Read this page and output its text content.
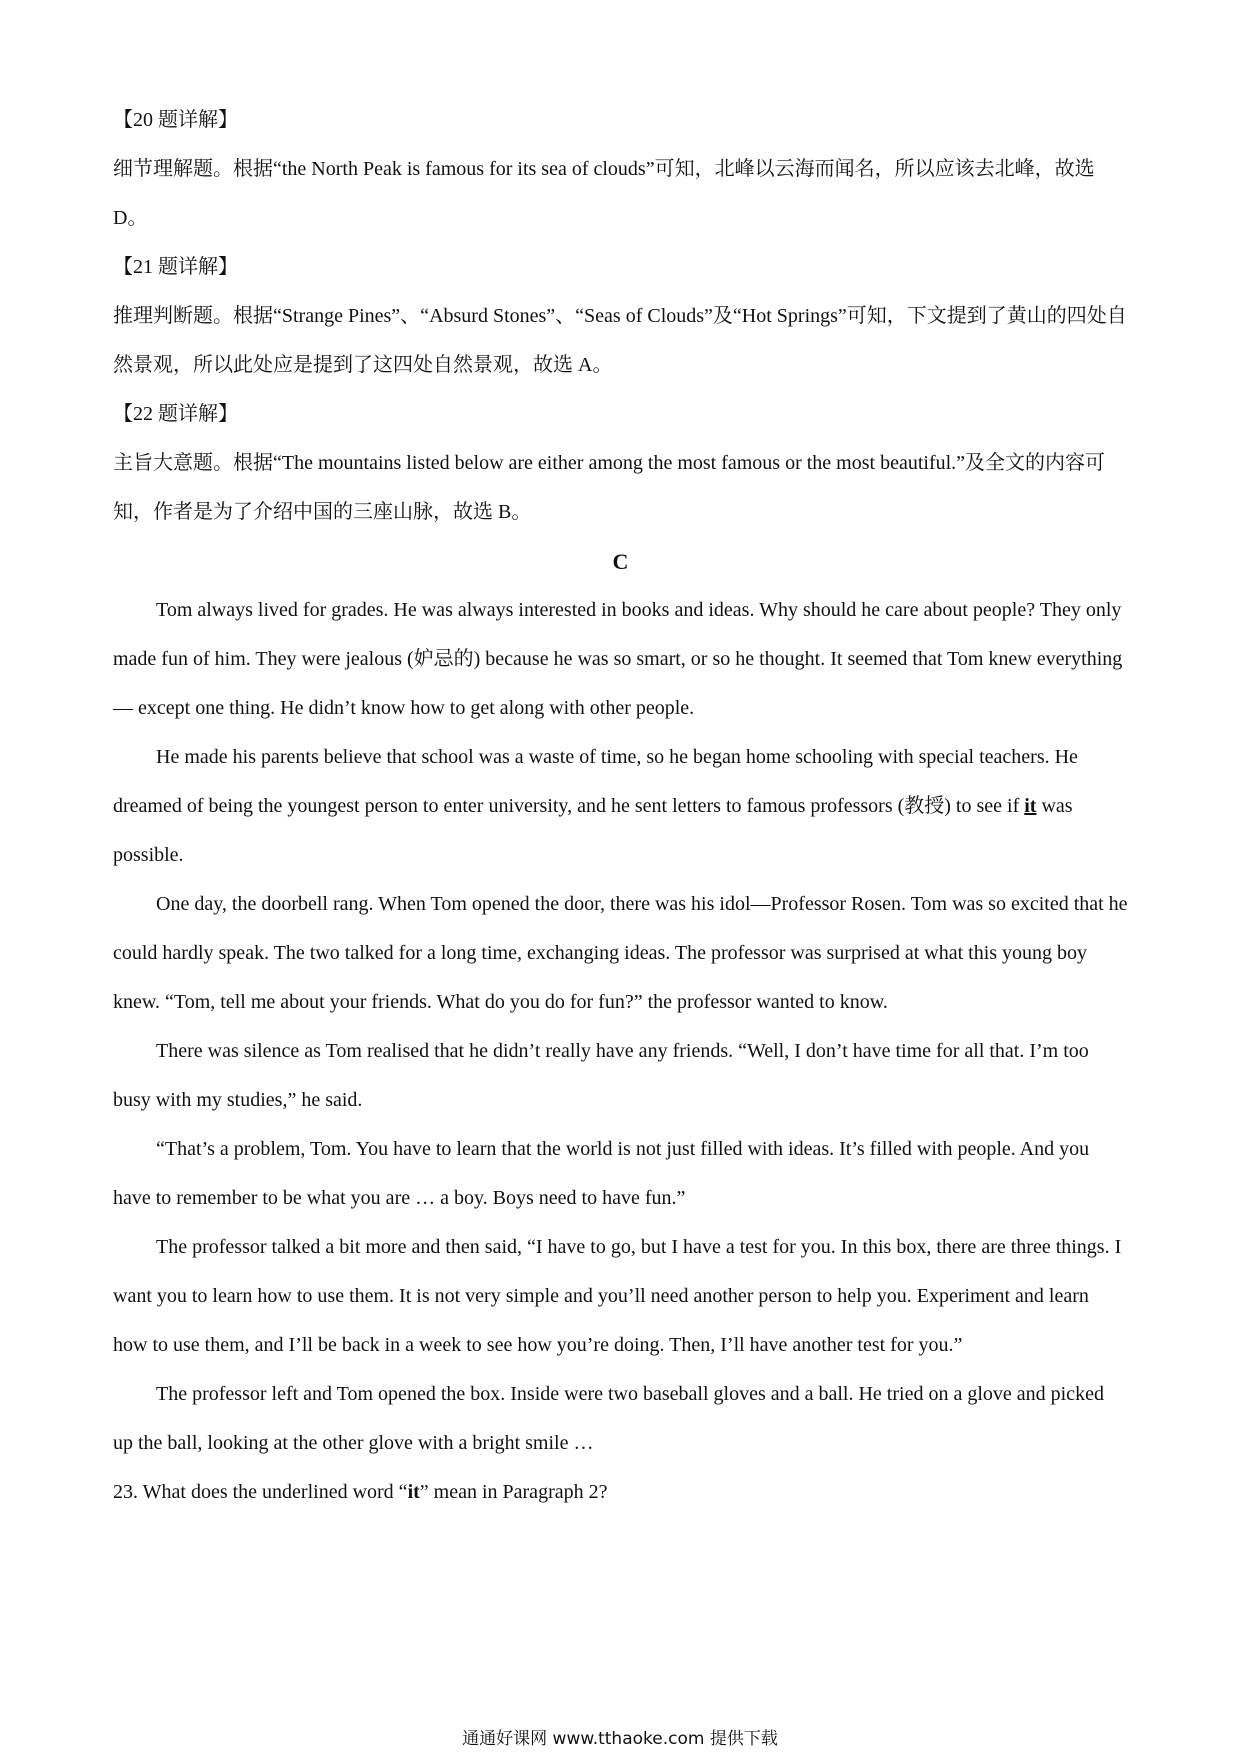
【20 题详解】

细节理解题。根据“the North Peak is famous for its sea of clouds”可知，北峰以云海而闻名，所以应该去北峰，故选 D。

【21 题详解】

推理判断题。根据“Strange Pines”、“Absurd Stones”、“Seas of Clouds”及“Hot Springs”可知，下文提到了黄山的四处自然景观，所以此处应是提到了这四处自然景观，故选 A。

【22 题详解】

主旨大意题。根据“The mountains listed below are either among the most famous or the most beautiful.”及全文的内容可知，作者是为了介绍中国的三座山脉，故选 B。

C

Tom always lived for grades. He was always interested in books and ideas. Why should he care about people? They only made fun of him. They were jealous (妒忌的) because he was so smart, or so he thought. It seemed that Tom knew everything — except one thing. He didn’t know how to get along with other people.

He made his parents believe that school was a waste of time, so he began home schooling with special teachers. He dreamed of being the youngest person to enter university, and he sent letters to famous professors (教授) to see if it was possible.

One day, the doorbell rang. When Tom opened the door, there was his idol—Professor Rosen. Tom was so excited that he could hardly speak. The two talked for a long time, exchanging ideas. The professor was surprised at what this young boy knew. “Tom, tell me about your friends. What do you do for fun?” the professor wanted to know.

There was silence as Tom realised that he didn’t really have any friends. “Well, I don’t have time for all that. I’m too busy with my studies,” he said.

“That’s a problem, Tom. You have to learn that the world is not just filled with ideas. It’s filled with people. And you have to remember to be what you are … a boy. Boys need to have fun.”

The professor talked a bit more and then said, “I have to go, but I have a test for you. In this box, there are three things. I want you to learn how to use them. It is not very simple and you’ll need another person to help you. Experiment and learn how to use them, and I’ll be back in a week to see how you’re doing. Then, I’ll have another test for you.”

The professor left and Tom opened the box. Inside were two baseball gloves and a ball. He tried on a glove and picked up the ball, looking at the other glove with a bright smile …

23. What does the underlined word “it” mean in Paragraph 2?

通通好课网 www.tthaoke.com 提供下载
